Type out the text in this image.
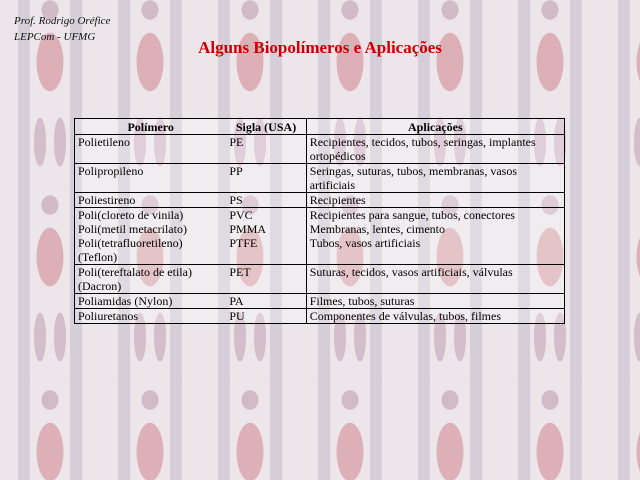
Prof. Rodrigo Oréfice
LEPCom - UFMG
Alguns Biopolímeros e Aplicações
Polímero	Sigla (USA)	Aplicações
Polietileno	PE	Recipientes, tecidos, tubos, seringas, implantes ortopédicos
Polipropileno	PP	Seringas, suturas, tubos, membranas, vasos artificiais
Poliestireno	PS	Recipientes
Poli(cloreto de vinila)	PVC	Recipientes para sangue, tubos, conectores
Poli(metil metacrilato)	PMMA	Membranas, lentes, cimento
Poli(tetrafluoretileno) (Teflon)	PTFE	Tubos, vasos artificiais
Poli(tereftalato de etila) (Dacron)	PET	Suturas, tecidos, vasos artificiais, válvulas
Poliamidas (Nylon)	PA	Filmes, tubos, suturas
Poliuretanos	PU	Componentes de válvulas, tubos, filmes
